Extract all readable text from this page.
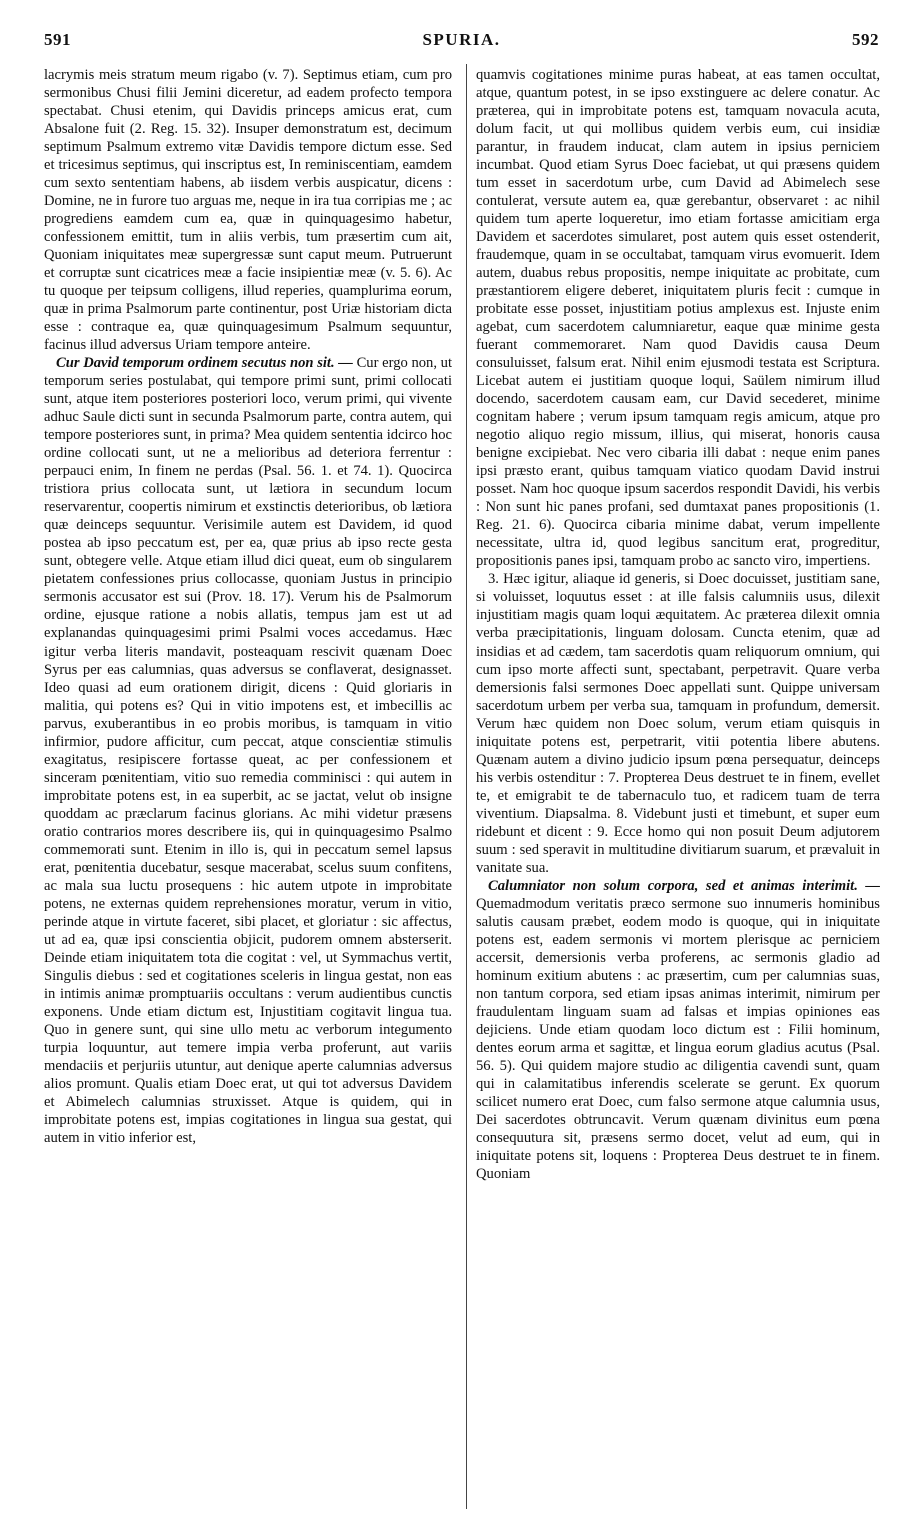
591	SPURIA.	592

lacrymis meis stratum meum rigabo (v. 7). Septimus etiam, cum pro sermonibus Chusi filii Jemini diceretur, ad eadem profecto tempora spectabat. Chusi etenim, qui Davidis princeps amicus erat, cum Absalone fuit (2. Reg. 15. 32). Insuper demonstratum est, decimum septimum Psalmum extremo vitæ Davidis tempore dictum esse. Sed et tricesimus septimus, qui inscriptus est, In reminiscentiam, eamdem cum sexto sententiam habens, ab iisdem verbis auspicatur, dicens : Domine, ne in furore tuo arguas me, neque in ira tua corripias me ; ac progrediens eamdem cum ea, quæ in quinquagesimo habetur, confessionem emittit, tum in aliis verbis, tum præsertim cum ait, Quoniam iniquitates meæ supergressæ sunt caput meum. Putruerunt et corruptæ sunt cicatrices meæ a facie insipientiæ meæ (v. 5. 6). Ac tu quoque per teipsum colligens, illud reperies, quamplurima eorum, quæ in prima Psalmorum parte continentur, post Uriæ historiam dicta esse : contraque ea, quæ quinquagesimum Psalmum sequuntur, facinus illud adversus Uriam tempore anteire.

Cur David temporum ordinem secutus non sit. — Cur ergo non, ut temporum series postulabat, qui tempore primi sunt, primi collocati sunt, atque item posteriores posteriori loco, verum primi, qui vivente adhuc Saule dicti sunt in secunda Psalmorum parte, contra autem, qui tempore posteriores sunt, in prima? Mea quidem sententia idcirco hoc ordine collocati sunt, ut ne a melioribus ad deteriora ferrentur : perpauci enim, In finem ne perdas (Psal. 56. 1. et 74. 1). Quocirca tristiora prius collocata sunt, ut lætiora in secundum locum reservarentur, coopertis nimirum et exstinctis deterioribus, ob lætiora quæ deinceps sequuntur. Verisimile autem est Davidem, id quod postea ab ipso peccatum est, per ea, quæ prius ab ipso recte gesta sunt, obtegere velle. Atque etiam illud dici queat, eum ob singularem pietatem confessiones prius collocasse, quoniam Justus in principio sermonis accusator est sui (Prov. 18. 17). Verum his de Psalmorum ordine, ejusque ratione a nobis allatis, tempus jam est ut ad explanandas quinquagesimi primi Psalmi voces accedamus. Hæc igitur verba literis mandavit, posteaquam rescivit quænam Doec Syrus per eas calumnias, quas adversus se conflaverat, designasset. Ideo quasi ad eum orationem dirigit, dicens : Quid gloriaris in malitia, qui potens es? Qui in vitio impotens est, et imbecillis ac parvus, exuberantibus in eo probis moribus, is tamquam in vitio infirmior, pudore afficitur, cum peccat, atque conscientiæ stimulis exagitatus, resipiscere fortasse queat, ac per confessionem et sinceram pœnitentiam, vitio suo remedia comminisci : qui autem in improbitate potens est, in ea superbit, ac se jactat, velut ob insigne quoddam ac præclarum facinus glorians. Ac mihi videtur præsens oratio contrarios mores describere iis, qui in quinquagesimo Psalmo commemorati sunt. Etenim in illo is, qui in peccatum semel lapsus erat, pœnitentia ducebatur, sesque macerabat, scelus suum confitens, ac mala sua luctu prosequens : hic autem utpote in improbitate potens, ne externas quidem reprehensiones moratur, verum in vitio, perinde atque in virtute faceret, sibi placet, et gloriatur : sic affectus, ut ad ea, quæ ipsi conscientia objicit, pudorem omnem absterserit. Deinde etiam iniquitatem tota die cogitat : vel, ut Symmachus vertit, Singulis diebus : sed et cogitationes sceleris in lingua gestat, non eas in intimis animæ promptuariis occultans : verum audientibus cunctis exponens. Unde etiam dictum est, Injustitiam cogitavit lingua tua. Quo in genere sunt, qui sine ullo metu ac verborum integumento turpia loquuntur, aut temere impia verba proferunt, aut variis mendaciis et perjuriis utuntur, aut denique aperte calumnias adversus alios promunt. Qualis etiam Doec erat, ut qui tot adversus Davidem et Abimelech calumnias struxisset. Atque is quidem, qui in improbitate potens est, impias cogitationes in lingua sua gestat, qui autem in vitio inferior est,

quamvis cogitationes minime puras habeat, at eas tamen occultat, atque, quantum potest, in se ipso exstinguere ac delere conatur. Ac præterea, qui in improbitate potens est, tamquam novacula acuta, dolum facit, ut qui mollibus quidem verbis eum, cui insidiæ parantur, in fraudem inducat, clam autem in ipsius perniciem incumbat. Quod etiam Syrus Doec faciebat, ut qui præsens quidem tum esset in sacerdotum urbe, cum David ad Abimelech sese contulerat, versute autem ea, quæ gerebantur, observaret : ac nihil quidem tum aperte loqueretur, imo etiam fortasse amicitiam erga Davidem et sacerdotes simularet, post autem quis esset ostenderit, fraudemque, quam in se occultabat, tamquam virus evomuerit. Idem autem, duabus rebus propositis, nempe iniquitate ac probitate, cum præstantiorem eligere deberet, iniquitatem pluris fecit : cumque in probitate esse posset, injustitiam potius amplexus est. Injuste enim agebat, cum sacerdotem calumniaretur, eaque quæ minime gesta fuerant commemoraret. Nam quod Davidis causa Deum consuluisset, falsum erat. Nihil enim ejusmodi testata est Scriptura. Licebat autem ei justitiam quoque loqui, Saülem nimirum illud docendo, sacerdotem causam eam, cur David secederet, minime cognitam habere ; verum ipsum tamquam regis amicum, atque pro negotio aliquo regio missum, illius, qui miserat, honoris causa benigne excipiebat. Nec vero cibaria illi dabat : neque enim panes ipsi præsto erant, quibus tamquam viatico quodam David instrui posset. Nam hoc quoque ipsum sacerdos respondit Davidi, his verbis : Non sunt hic panes profani, sed dumtaxat panes propositionis (1. Reg. 21. 6). Quocirca cibaria minime dabat, verum impellente necessitate, ultra id, quod legibus sancitum erat, progreditur, propositionis panes ipsi, tamquam probo ac sancto viro, impertiens.

3. Hæc igitur, aliaque id generis, si Doec docuisset, justitiam sane, si voluisset, loquutus esset : at ille falsis calumniis usus, dilexit injustitiam magis quam loqui æquitatem. Ac præterea dilexit omnia verba præcipitationis, linguam dolosam. Cuncta etenim, quæ ad insidias et ad cædem, tam sacerdotis quam reliquorum omnium, qui cum ipso morte affecti sunt, spectabant, perpetravit. Quare verba demersionis falsi sermones Doec appellati sunt. Quippe universam sacerdotum urbem per verba sua, tamquam in profundum, demersit. Verum hæc quidem non Doec solum, verum etiam quisquis in iniquitate potens est, perpetrarit, vitii potentia libere abutens. Quænam autem a divino judicio ipsum pœna persequatur, deinceps his verbis ostenditur : 7. Propterea Deus destruet te in finem, evellet te, et emigrabit te de tabernaculo tuo, et radicem tuam de terra viventium. Diapsalma. 8. Videbunt justi et timebunt, et super eum ridebunt et dicent : 9. Ecce homo qui non posuit Deum adjutorem suum : sed speravit in multitudine divitiarum suarum, et prævaluit in vanitate sua.

Calumniator non solum corpora, sed et animas interimit. — Quemadmodum veritatis præco sermone suo innumeris hominibus salutis causam præbet, eodem modo is quoque, qui in iniquitate potens est, eadem sermonis vi mortem plerisque ac perniciem accersit, demersionis verba proferens, ac sermonis gladio ad hominum exitium abutens : ac præsertim, cum per calumnias suas, non tantum corpora, sed etiam ipsas animas interimit, nimirum per fraudulentam linguam suam ad falsas et impias opiniones eas dejiciens. Unde etiam quodam loco dictum est : Filii hominum, dentes eorum arma et sagittæ, et lingua eorum gladius acutus (Psal. 56. 5). Qui quidem majore studio ac diligentia cavendi sunt, quam qui in calamitatibus inferendis scelerate se gerunt. Ex quorum scilicet numero erat Doec, cum falso sermone atque calumnia usus, Dei sacerdotes obtruncavit. Verum quænam divinitus eum pœna consequutura sit, præsens sermo docet, velut ad eum, qui in iniquitate potens sit, loquens : Propterea Deus destruet te in finem. Quoniam
